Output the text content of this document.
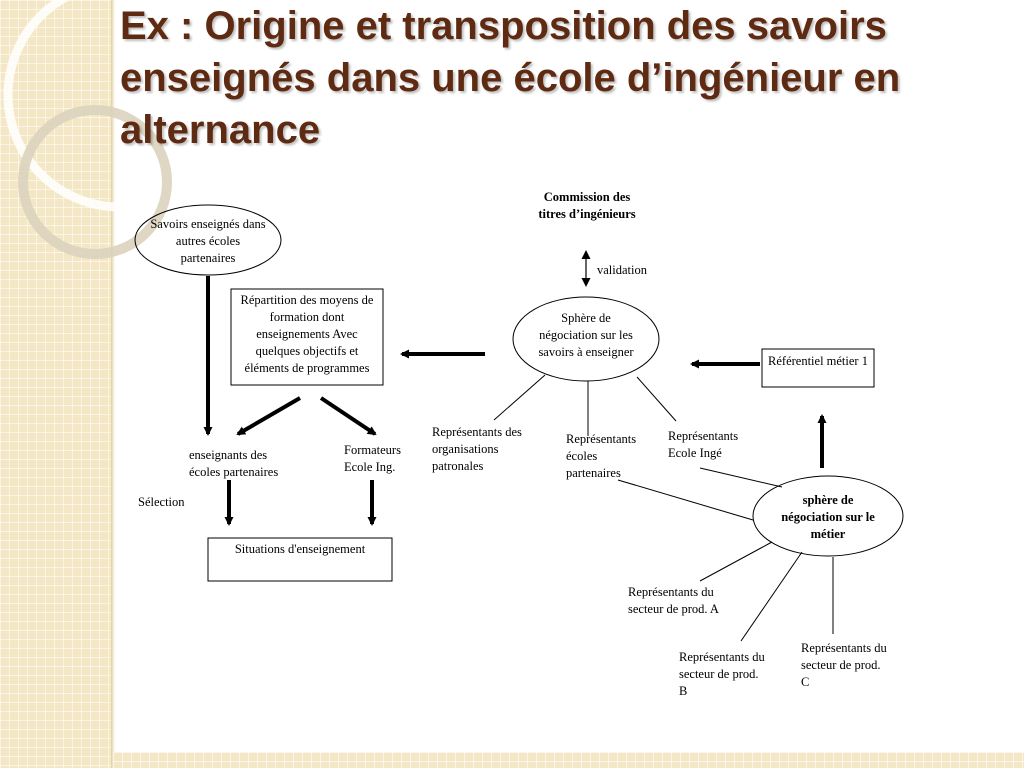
Ex : Origine et transposition des savoirs enseignés dans une école d’ingénieur en alternance
Savoirs enseignés dans autres écoles partenaires
Répartition des moyens de formation dont enseignements Avec quelques objectifs et éléments de programmes
Commission des titres d’ingénieurs
validation
Sphère de négociation sur les savoirs à enseigner
Référentiel métier 1
Représentants des organisations patronales
Représentants écoles partenaires
Représentants Ecole Ingé
enseignants des écoles partenaires
Formateurs Ecole Ing.
Sélection
Situations d'enseignement
sphère de négociation sur le métier
Représentants du secteur de prod. A
Représentants du secteur de prod. B
Représentants du secteur de prod. C
